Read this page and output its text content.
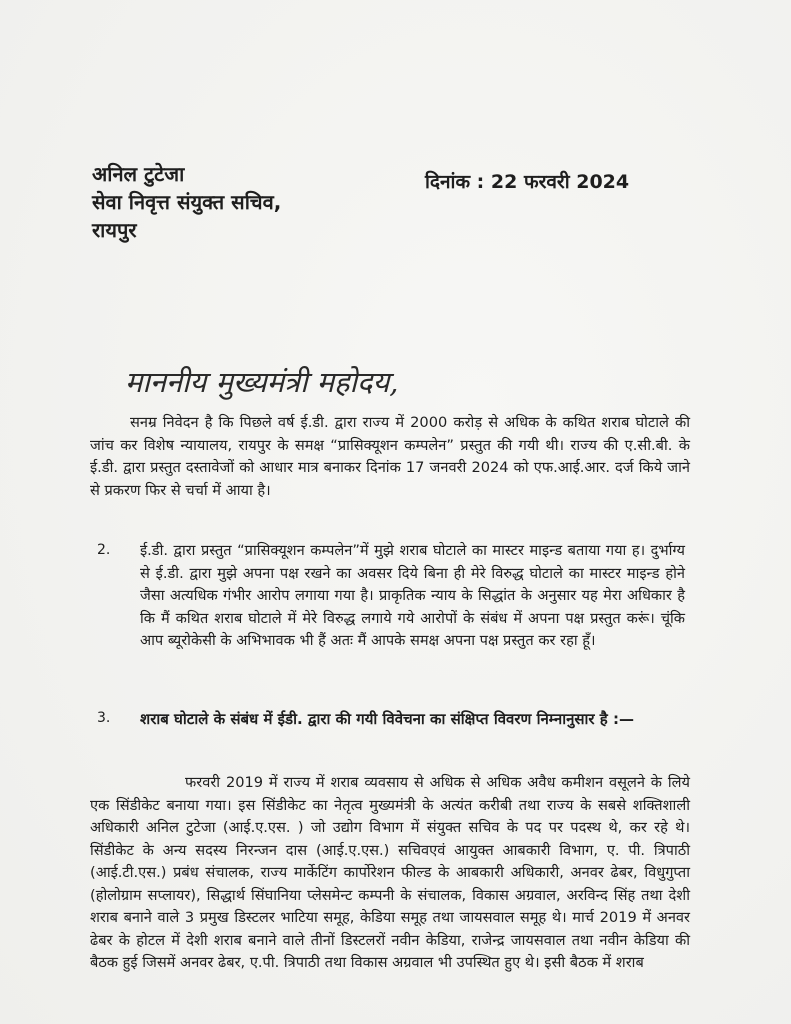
अनिल टुटेजा
सेवा निवृत्त संयुक्त सचिव,
रायपुर
दिनांक : 22 फरवरी 2024
माननीय मुख्यमंत्री महोदय,
सनम्र निवेदन है कि पिछले वर्ष ई.डी. द्वारा राज्य में 2000 करोड़ से अधिक के कथित शराब घोटाले की जांच कर विशेष न्यायालय, रायपुर के समक्ष “प्रासिक्यूशन कम्पलेन” प्रस्तुत की गयी थी। राज्य की ए.सी.बी. के ई.डी. द्वारा प्रस्तुत दस्तावेजों को आधार मात्र बनाकर दिनांक 17 जनवरी 2024 को एफ.आई.आर. दर्ज किये जाने से प्रकरण फिर से चर्चा में आया है।
2. ई.डी. द्वारा प्रस्तुत “प्रासिक्यूशन कम्पलेन”में मुझे शराब घोटाले का मास्टर माइन्ड बताया गया ह। दुर्भाग्य से ई.डी. द्वारा मुझे अपना पक्ष रखने का अवसर दिये बिना ही मेरे विरुद्ध घोटाले का मास्टर माइन्ड होने जैसा अत्यधिक गंभीर आरोप लगाया गया है। प्राकृतिक न्याय के सिद्धांत के अनुसार यह मेरा अधिकार है कि मैं कथित शराब घोटाले में मेरे विरुद्ध लगाये गये आरोपों के संबंध में अपना पक्ष प्रस्तुत करूं। चूंकि आप ब्यूरोकेसी के अभिभावक भी हैं अतः मैं आपके समक्ष अपना पक्ष प्रस्तुत कर रहा हूँ।
3. शराब घोटाले के संबंध में ईडी. द्वारा की गयी विवेचना का संक्षिप्त विवरण निम्नानुसार है :—
फरवरी 2019 में राज्य में शराब व्यवसाय से अधिक से अधिक अवैध कमीशन वसूलने के लिये एक सिंडीकेट बनाया गया। इस सिंडीकेट का नेतृत्व मुख्यमंत्री के अत्यंत करीबी तथा राज्य के सबसे शक्तिशाली अधिकारी अनिल टुटेजा (आई.ए.एस. ) जो उद्योग विभाग में संयुक्त सचिव के पद पर पदस्थ थे, कर रहे थे। सिंडीकेट के अन्य सदस्य निरन्जन दास (आई.ए.एस.) सचिवएवं आयुक्त आबकारी विभाग, ए. पी. त्रिपाठी (आई.टी.एस.) प्रबंध संचालक, राज्य मार्केटिंग कार्पोरेशन फील्ड के आबकारी अधिकारी, अनवर ढेबर, विधुगुप्ता (होलोग्राम सप्लायर), सिद्धार्थ सिंघानिया प्लेसमेन्ट कम्पनी के संचालक, विकास अग्रवाल, अरविन्द सिंह तथा देशी शराब बनाने वाले 3 प्रमुख डिस्टलर भाटिया समूह, केडिया समूह तथा जायसवाल समूह थे। मार्च 2019 में अनवर ढेबर के होटल में देशी शराब बनाने वाले तीनों डिस्टलरों नवीन केडिया, राजेन्द्र जायसवाल तथा नवीन केडिया की बैठक हुई जिसमें अनवर ढेबर, ए.पी. त्रिपाठी तथा विकास अग्रवाल भी उपस्थित हुए थे। इसी बैठक में शराब
